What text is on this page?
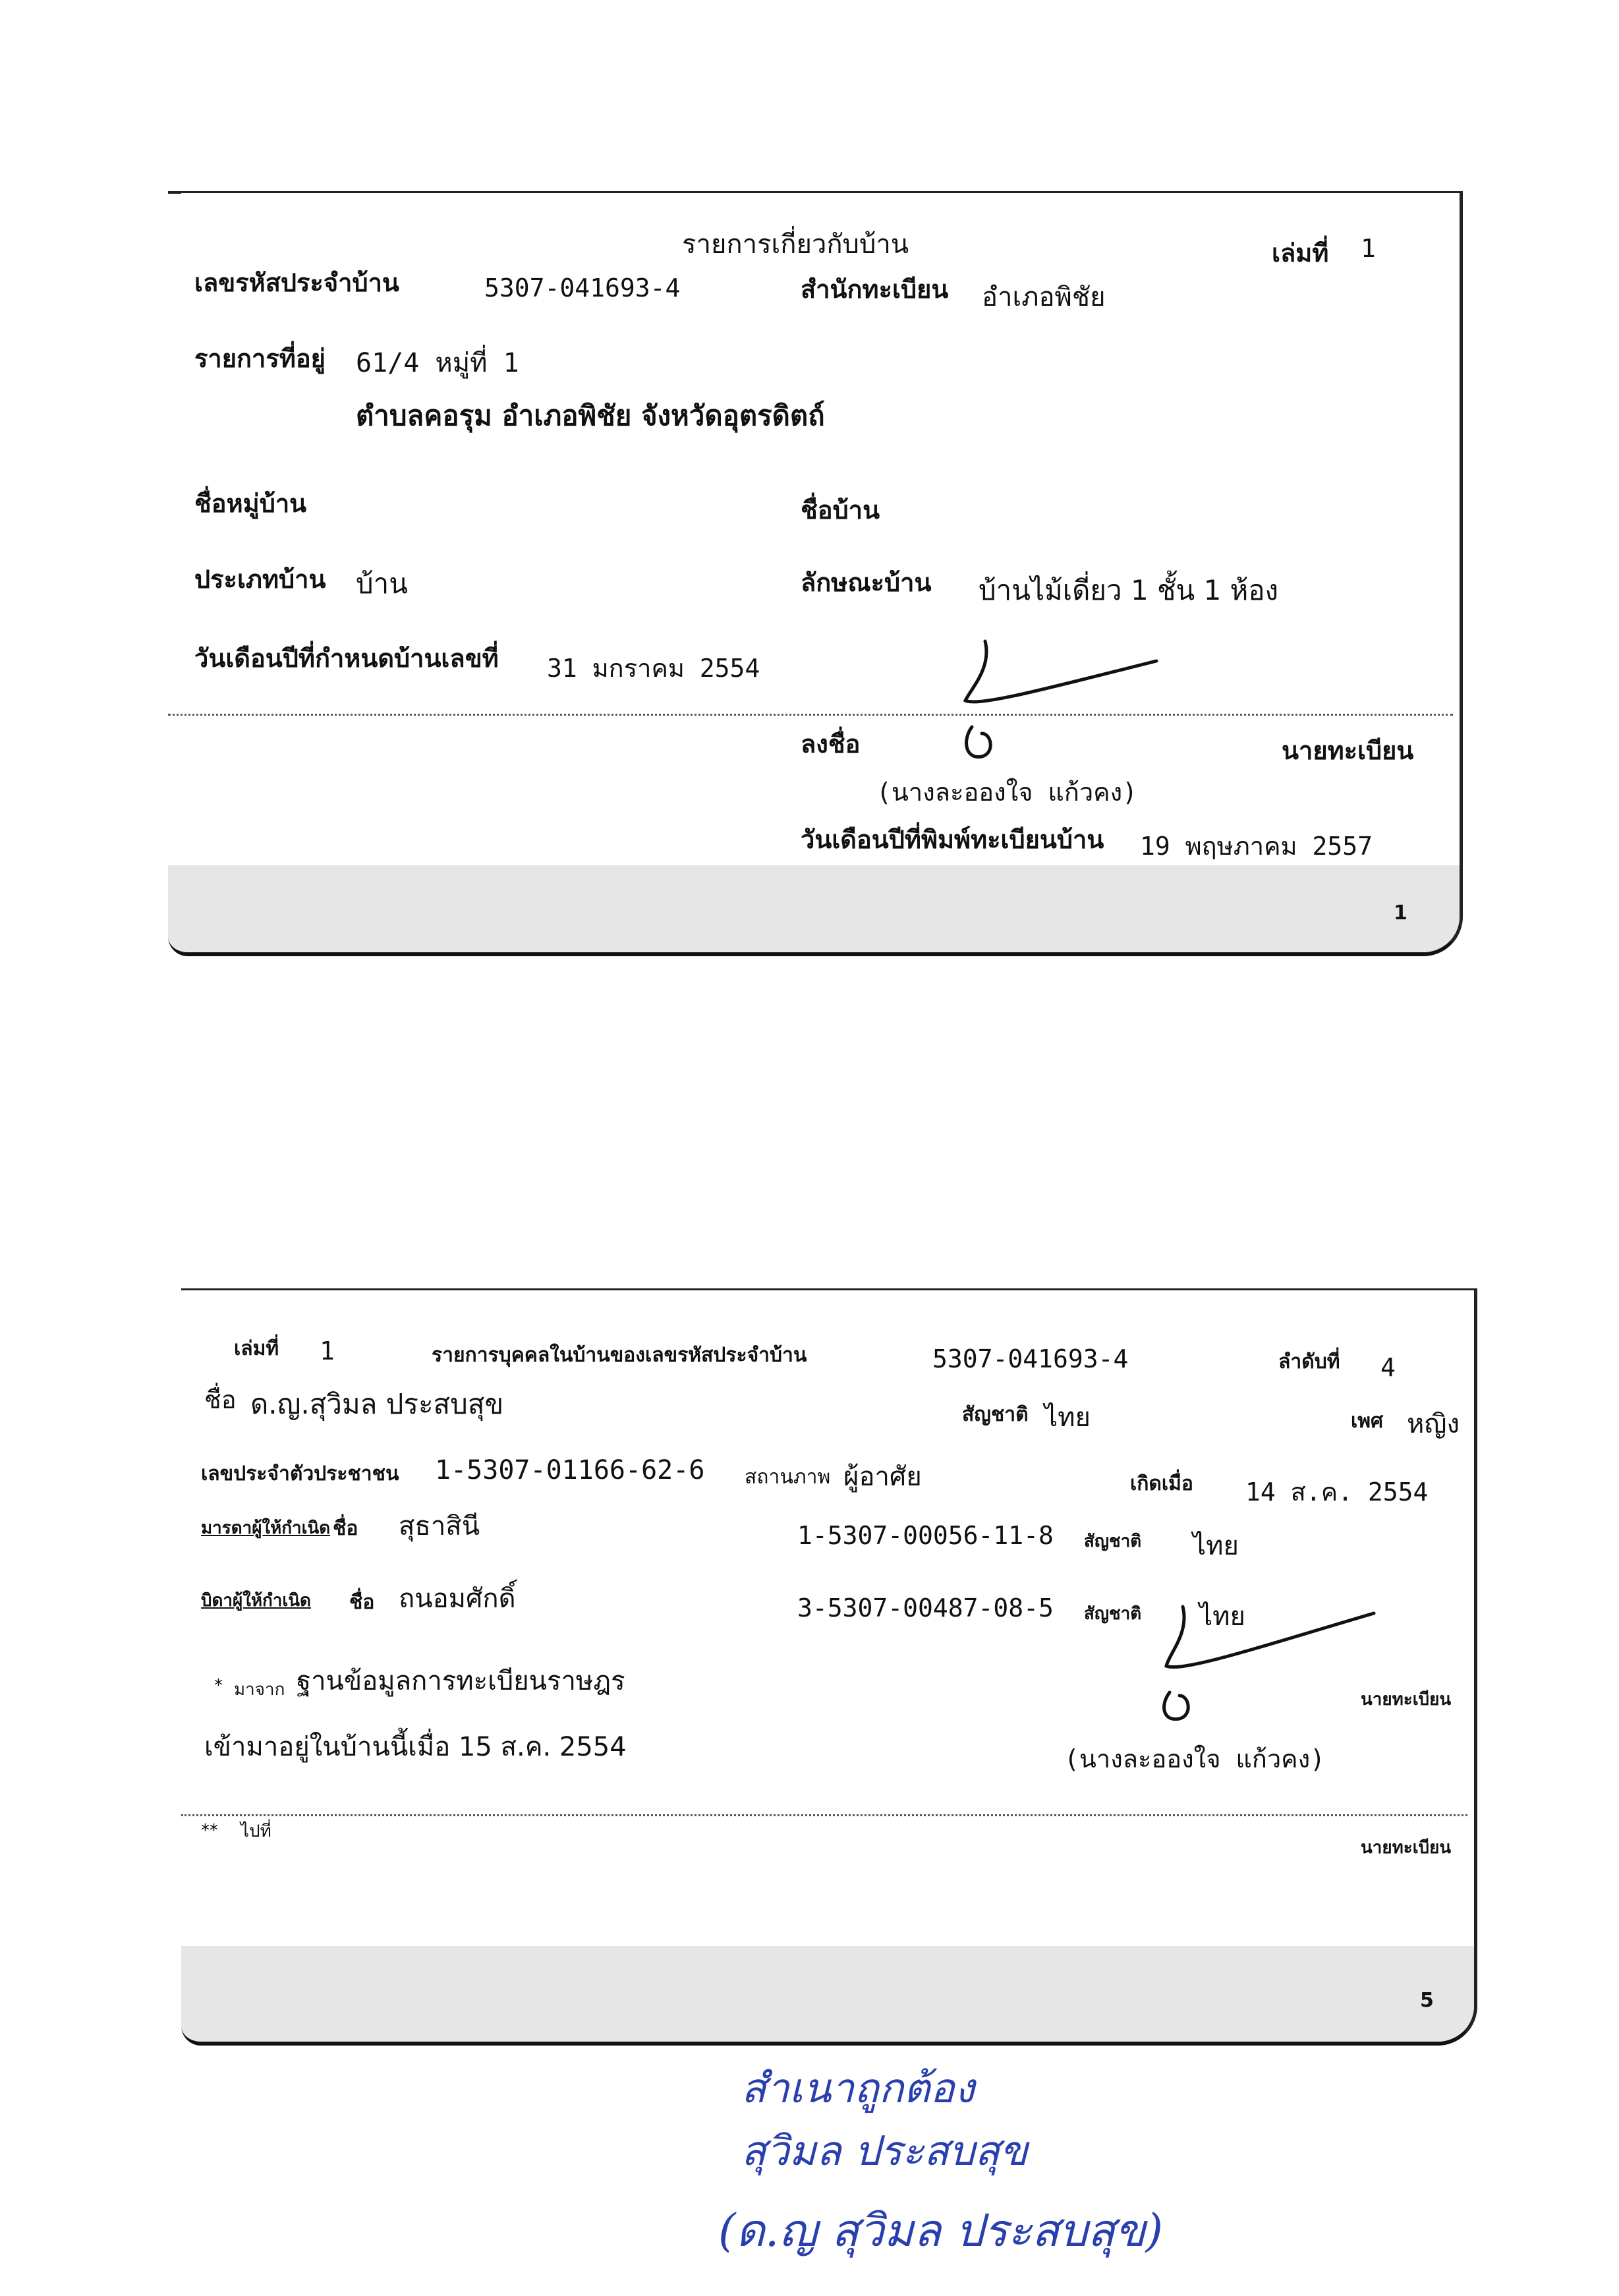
รายการเกี่ยวกับบ้าน	เล่มที่ 1
เลขรหัสประจำบ้าน	5307-041693-4	สำนักทะเบียน อำเภอพิชัย
รายการที่อยู่ 61/4 หมู่ที่ 1
ตำบลคอรุม อำเภอพิชัย จังหวัดอุตรดิตถ์
ชื่อหมู่บ้าน	ชื่อบ้าน
ประเภทบ้าน บ้าน	ลักษณะบ้าน บ้านไม้เดี่ยว 1 ชั้น 1 ห้อง
วันเดือนปีที่กำหนดบ้านเลขที่ 31 มกราคม 2554
ลงชื่อ	นายทะเบียน
(นางละอองใจ แก้วคง)
วันเดือนปีที่พิมพ์ทะเบียนบ้าน 19 พฤษภาคม 2557
1
เล่มที่ 1	รายการบุคคลในบ้านของเลขรหัสประจำบ้าน	5307-041693-4	ลำดับที่ 4
ชื่อ ด.ญ.สุวิมล ประสบสุข	สัญชาติ ไทย	เพศ หญิง
เลขประจำตัวประชาชน 1-5307-01166-62-6 สถานภาพ ผู้อาศัย	เกิดเมื่อ 14 ส.ค. 2554
มารดาผู้ให้กำเนิด ชื่อ สุธาสินี	1-5307-00056-11-8 สัญชาติ ไทย
บิดาผู้ให้กำเนิด ชื่อ ถนอมศักดิ์	3-5307-00487-08-5 สัญชาติ ไทย
* มาจาก ฐานข้อมูลการทะเบียนราษฎร
นายทะเบียน
เข้ามาอยู่ในบ้านนี้เมื่อ 15 ส.ค. 2554	(นางละอองใจ แก้วคง)
** ไปที่
นายทะเบียน
5
สำเนาถูกต้อง
สุวิมล ประสบสุข
(ด.ญ สุวิมล ประสบสุข)
